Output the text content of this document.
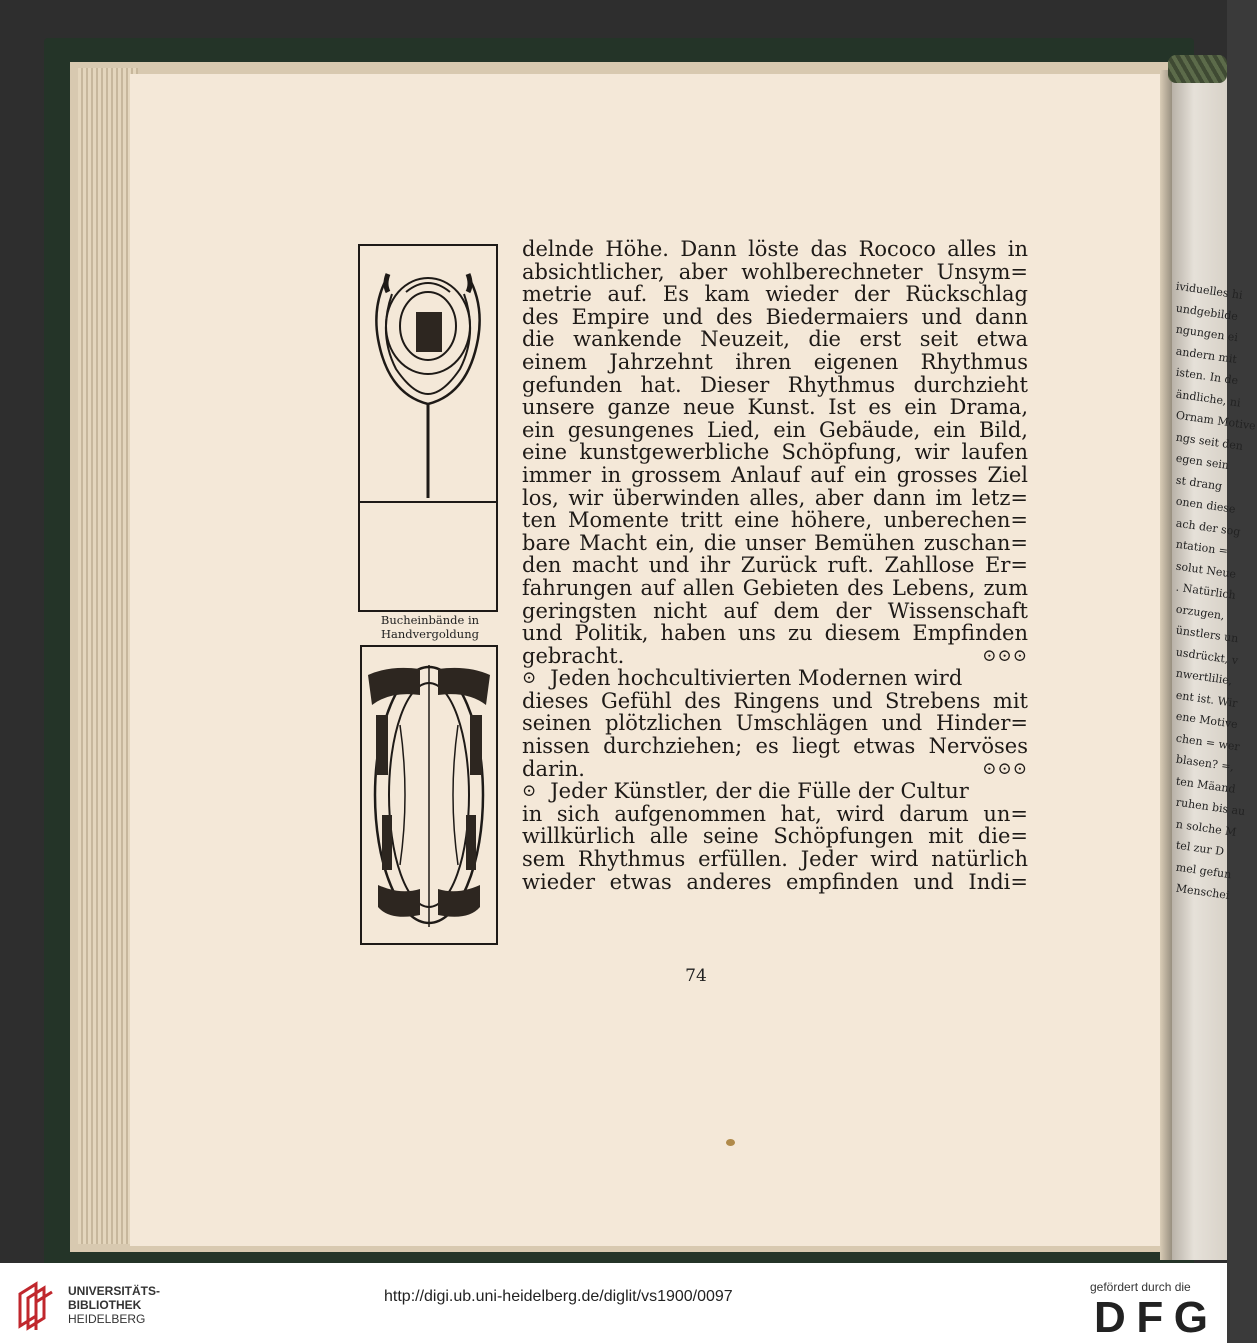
ividuelles hi
undgebilde
ngungen ei
andern mit
isten. In de
ändliche, ni
Ornam Motive
ngs seit den
egen sein
st drang
onen diese
ach der sog
ntation =
solut Neue
. Natürlich
orzugen,
ünstlers un
usdrückt, v
nwertlilie,
ent ist. Wir
ene Motive
chen = wer
blasen? =,
ten Mäand
ruhen bis au
n solche M
tel zur D
mel gefun
Menschei
Bucheinbände in
Handvergoldung
delnde Höhe. Dann löste das Rococo alles in
absichtlicher, aber wohlberechneter Unsym=
metrie auf. Es kam wieder der Rückschlag
des Empire und des Biedermaiers und dann
die wankende Neuzeit, die erst seit etwa
einem Jahrzehnt ihren eigenen Rhythmus
gefunden hat. Dieser Rhythmus durchzieht
unsere ganze neue Kunst. Ist es ein Drama,
ein gesungenes Lied, ein Gebäude, ein Bild,
eine kunstgewerbliche Schöpfung, wir laufen
immer in grossem Anlauf auf ein grosses Ziel
los, wir überwinden alles, aber dann im letz=
ten Momente tritt eine höhere, unberechen=
bare Macht ein, die unser Bemühen zuschan=
den macht und ihr Zurück ruft. Zahllose Er=
fahrungen auf allen Gebieten des Lebens, zum
geringsten nicht auf dem der Wissenschaft
und Politik, haben uns zu diesem Empfinden
gebracht.	⊙⊙⊙
⊙ Jeden hochcultivierten Modernen wird
dieses Gefühl des Ringens und Strebens mit
seinen plötzlichen Umschlägen und Hinder=
nissen durchziehen; es liegt etwas Nervöses
darin.	⊙⊙⊙
⊙ Jeder Künstler, der die Fülle der Cultur
in sich aufgenommen hat, wird darum un=
willkürlich alle seine Schöpfungen mit die=
sem Rhythmus erfüllen. Jeder wird natürlich
wieder etwas anderes empfinden und Indi=
74
UNIVERSITÄTS-
BIBLIOTHEK
HEIDELBERG
http://digi.ub.uni-heidelberg.de/diglit/vs1900/0097
gefördert durch die
DFG
